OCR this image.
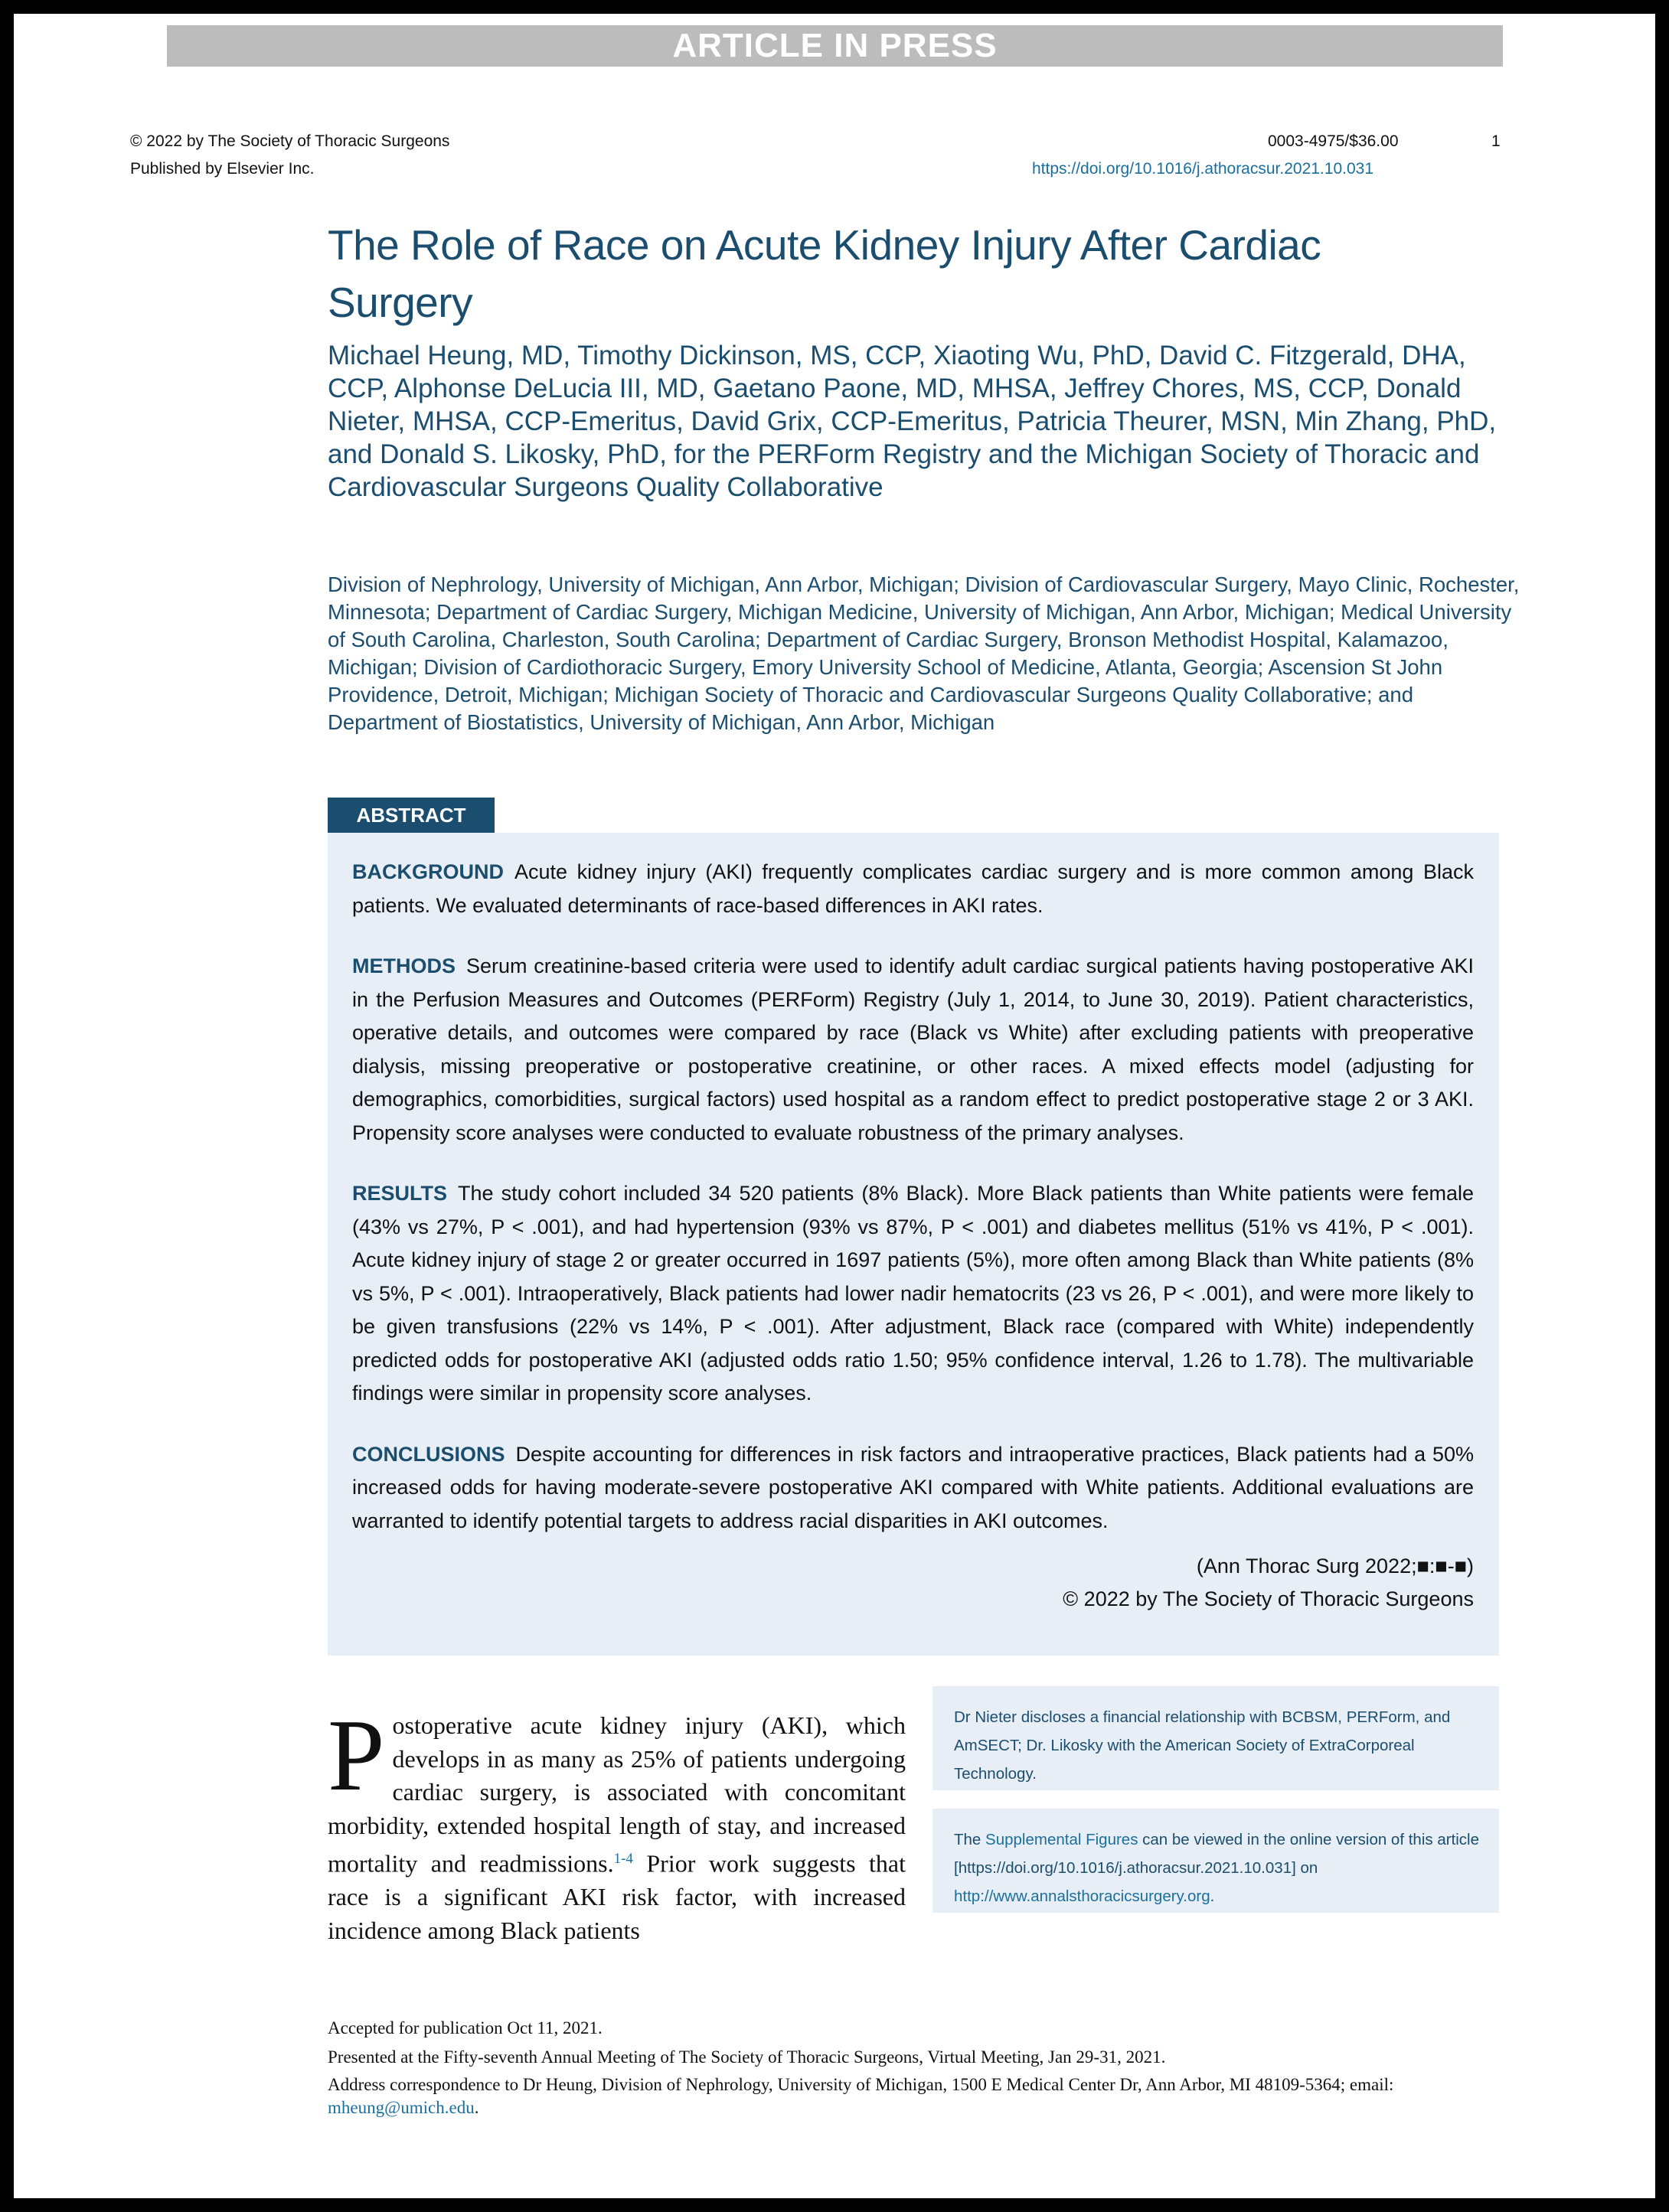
ARTICLE IN PRESS
© 2022 by The Society of Thoracic Surgeons
Published by Elsevier Inc.
0003-4975/$36.00	1
https://doi.org/10.1016/j.athoracsur.2021.10.031
The Role of Race on Acute Kidney Injury After Cardiac Surgery
Michael Heung, MD, Timothy Dickinson, MS, CCP, Xiaoting Wu, PhD, David C. Fitzgerald, DHA, CCP, Alphonse DeLucia III, MD, Gaetano Paone, MD, MHSA, Jeffrey Chores, MS, CCP, Donald Nieter, MHSA, CCP-Emeritus, David Grix, CCP-Emeritus, Patricia Theurer, MSN, Min Zhang, PhD, and Donald S. Likosky, PhD, for the PERForm Registry and the Michigan Society of Thoracic and Cardiovascular Surgeons Quality Collaborative
Division of Nephrology, University of Michigan, Ann Arbor, Michigan; Division of Cardiovascular Surgery, Mayo Clinic, Rochester, Minnesota; Department of Cardiac Surgery, Michigan Medicine, University of Michigan, Ann Arbor, Michigan; Medical University of South Carolina, Charleston, South Carolina; Department of Cardiac Surgery, Bronson Methodist Hospital, Kalamazoo, Michigan; Division of Cardiothoracic Surgery, Emory University School of Medicine, Atlanta, Georgia; Ascension St John Providence, Detroit, Michigan; Michigan Society of Thoracic and Cardiovascular Surgeons Quality Collaborative; and Department of Biostatistics, University of Michigan, Ann Arbor, Michigan
ABSTRACT

BACKGROUND Acute kidney injury (AKI) frequently complicates cardiac surgery and is more common among Black patients. We evaluated determinants of race-based differences in AKI rates.

METHODS Serum creatinine-based criteria were used to identify adult cardiac surgical patients having postoperative AKI in the Perfusion Measures and Outcomes (PERForm) Registry (July 1, 2014, to June 30, 2019). Patient characteristics, operative details, and outcomes were compared by race (Black vs White) after excluding patients with preoperative dialysis, missing preoperative or postoperative creatinine, or other races. A mixed effects model (adjusting for demographics, comorbidities, surgical factors) used hospital as a random effect to predict postoperative stage 2 or 3 AKI. Propensity score analyses were conducted to evaluate robustness of the primary analyses.

RESULTS The study cohort included 34 520 patients (8% Black). More Black patients than White patients were female (43% vs 27%, P < .001), and had hypertension (93% vs 87%, P < .001) and diabetes mellitus (51% vs 41%, P < .001). Acute kidney injury of stage 2 or greater occurred in 1697 patients (5%), more often among Black than White patients (8% vs 5%, P < .001). Intraoperatively, Black patients had lower nadir hematocrits (23 vs 26, P < .001), and were more likely to be given transfusions (22% vs 14%, P < .001). After adjustment, Black race (compared with White) independently predicted odds for postoperative AKI (adjusted odds ratio 1.50; 95% confidence interval, 1.26 to 1.78). The multivariable findings were similar in propensity score analyses.

CONCLUSIONS Despite accounting for differences in risk factors and intraoperative practices, Black patients had a 50% increased odds for having moderate-severe postoperative AKI compared with White patients. Additional evaluations are warranted to identify potential targets to address racial disparities in AKI outcomes.

(Ann Thorac Surg 2022;■:■-■)

© 2022 by The Society of Thoracic Surgeons

Postoperative acute kidney injury (AKI), which develops in as many as 25% of patients undergoing cardiac surgery, is associated with concomitant morbidity, extended hospital length of stay, and increased mortality and readmissions.$^{1-4}$ Prior work suggests that race is a significant AKI risk factor, with increased incidence among Black patients
Dr Nieter discloses a financial relationship with BCBSM, PERForm, and AmSECT; Dr. Likosky with the American Society of ExtraCorporeal Technology.
The Supplemental Figures can be viewed in the online version of this article [https://doi.org/10.1016/j.athoracsur.2021.10.031] on http://www.annalsthoracicsurgery.org.
Accepted for publication Oct 11, 2021.
Presented at the Fifty-seventh Annual Meeting of The Society of Thoracic Surgeons, Virtual Meeting, Jan 29-31, 2021.
Address correspondence to Dr Heung, Division of Nephrology, University of Michigan, 1500 E Medical Center Dr, Ann Arbor, MI 48109-5364; email: mheung@umich.edu.
